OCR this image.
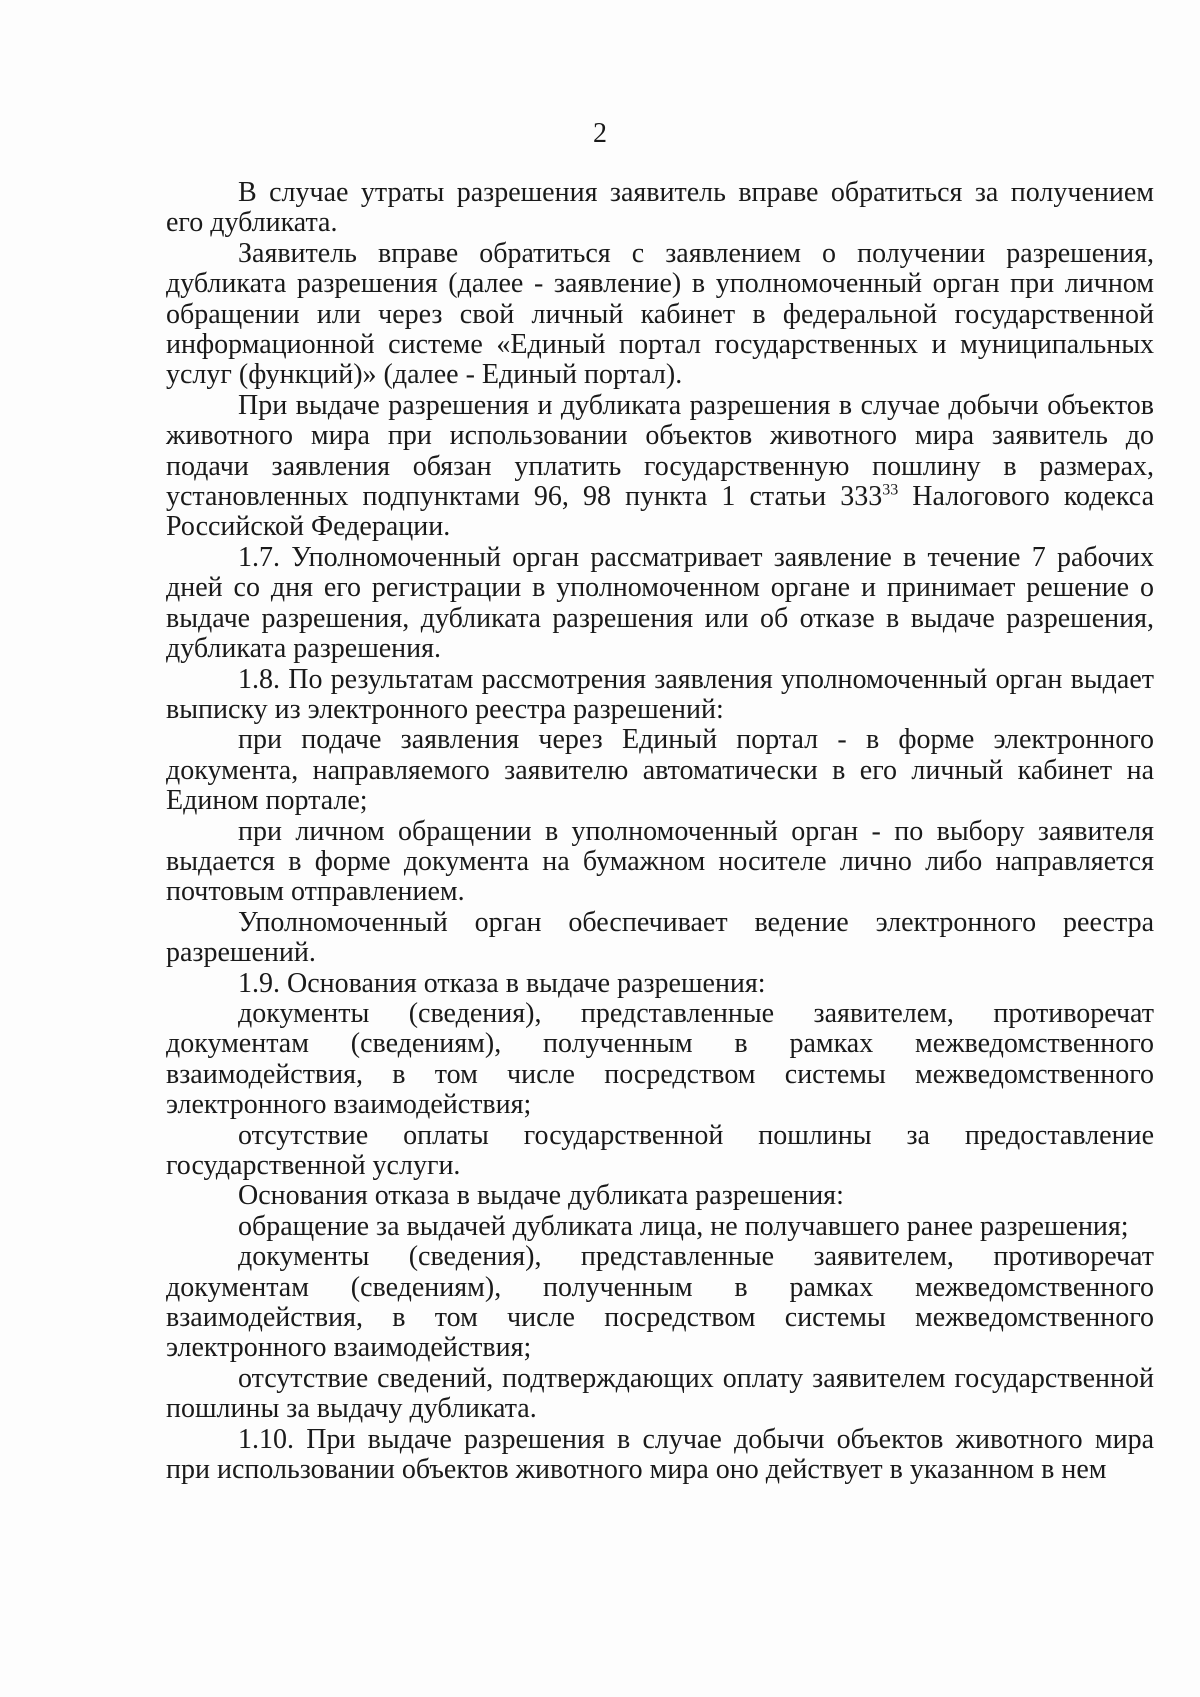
2

В случае утраты разрешения заявитель вправе обратиться за получением его дубликата.

Заявитель вправе обратиться с заявлением о получении разрешения, дубликата разрешения (далее - заявление) в уполномоченный орган при личном обращении или через свой личный кабинет в федеральной государственной информационной системе «Единый портал государственных и муниципальных услуг (функций)» (далее - Единый портал).

При выдаче разрешения и дубликата разрешения в случае добычи объектов животного мира при использовании объектов животного мира заявитель до подачи заявления обязан уплатить государственную пошлину в размерах, установленных подпунктами 96, 98 пункта 1 статьи $333^{33}$ Налогового кодекса Российской Федерации.

1.7. Уполномоченный орган рассматривает заявление в течение 7 рабочих дней со дня его регистрации в уполномоченном органе и принимает решение о выдаче разрешения, дубликата разрешения или об отказе в выдаче разрешения, дубликата разрешения.

1.8. По результатам рассмотрения заявления уполномоченный орган выдает выписку из электронного реестра разрешений:

при подаче заявления через Единый портал - в форме электронного документа, направляемого заявителю автоматически в его личный кабинет на Едином портале;

при личном обращении в уполномоченный орган - по выбору заявителя выдается в форме документа на бумажном носителе лично либо направляется почтовым отправлением.

Уполномоченный орган обеспечивает ведение электронного реестра разрешений.

1.9. Основания отказа в выдаче разрешения:

документы (сведения), представленные заявителем, противоречат документам (сведениям), полученным в рамках межведомственного взаимодействия, в том числе посредством системы межведомственного электронного взаимодействия;

отсутствие оплаты государственной пошлины за предоставление государственной услуги.

Основания отказа в выдаче дубликата разрешения:

обращение за выдачей дубликата лица, не получавшего ранее разрешения;

документы (сведения), представленные заявителем, противоречат документам (сведениям), полученным в рамках межведомственного взаимодействия, в том числе посредством системы межведомственного электронного взаимодействия;

отсутствие сведений, подтверждающих оплату заявителем государственной пошлины за выдачу дубликата.

1.10. При выдаче разрешения в случае добычи объектов животного мира при использовании объектов животного мира оно действует в указанном в нем
